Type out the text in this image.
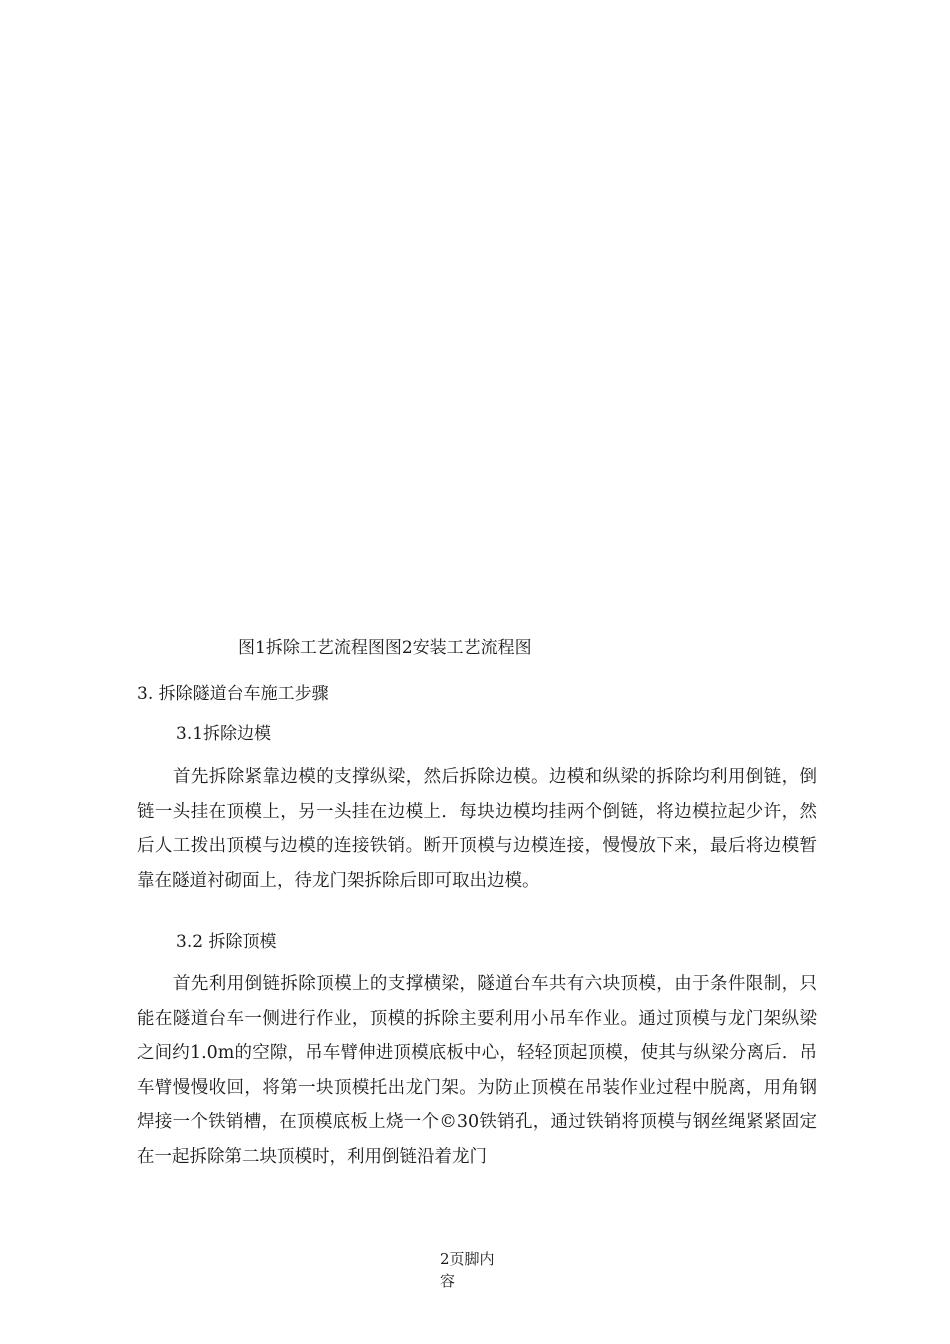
图1拆除工艺流程图图2安装工艺流程图
3. 拆除隧道台车施工步骤
3.1拆除边模

首先拆除紧靠边模的支撑纵梁，然后拆除边模。边模和纵梁的拆除均利用倒链，倒链一头挂在顶模上，另一头挂在边模上．每块边模均挂两个倒链，将边模拉起少许，然后人工拨出顶模与边模的连接铁销。断开顶模与边模连接，慢慢放下来，最后将边模暂靠在隧道衬砌面上，待龙门架拆除后即可取出边模。

3.2 拆除顶模

首先利用倒链拆除顶模上的支撑横梁，隧道台车共有六块顶模，由于条件限制，只能在隧道台车一侧进行作业，顶模的拆除主要利用小吊车作业。通过顶模与龙门架纵梁之间约1.0m的空隙，吊车臂伸进顶模底板中心，轻轻顶起顶模，使其与纵梁分离后．吊车臂慢慢收回，将第一块顶模托出龙门架。为防止顶模在吊装作业过程中脱离，用角钢焊接一个铁销槽，在顶模底板上烧一个©30铁销孔，通过铁销将顶模与钢丝绳紧紧固定在一起拆除第二块顶模时，利用倒链沿着龙门

2页脚内
容
